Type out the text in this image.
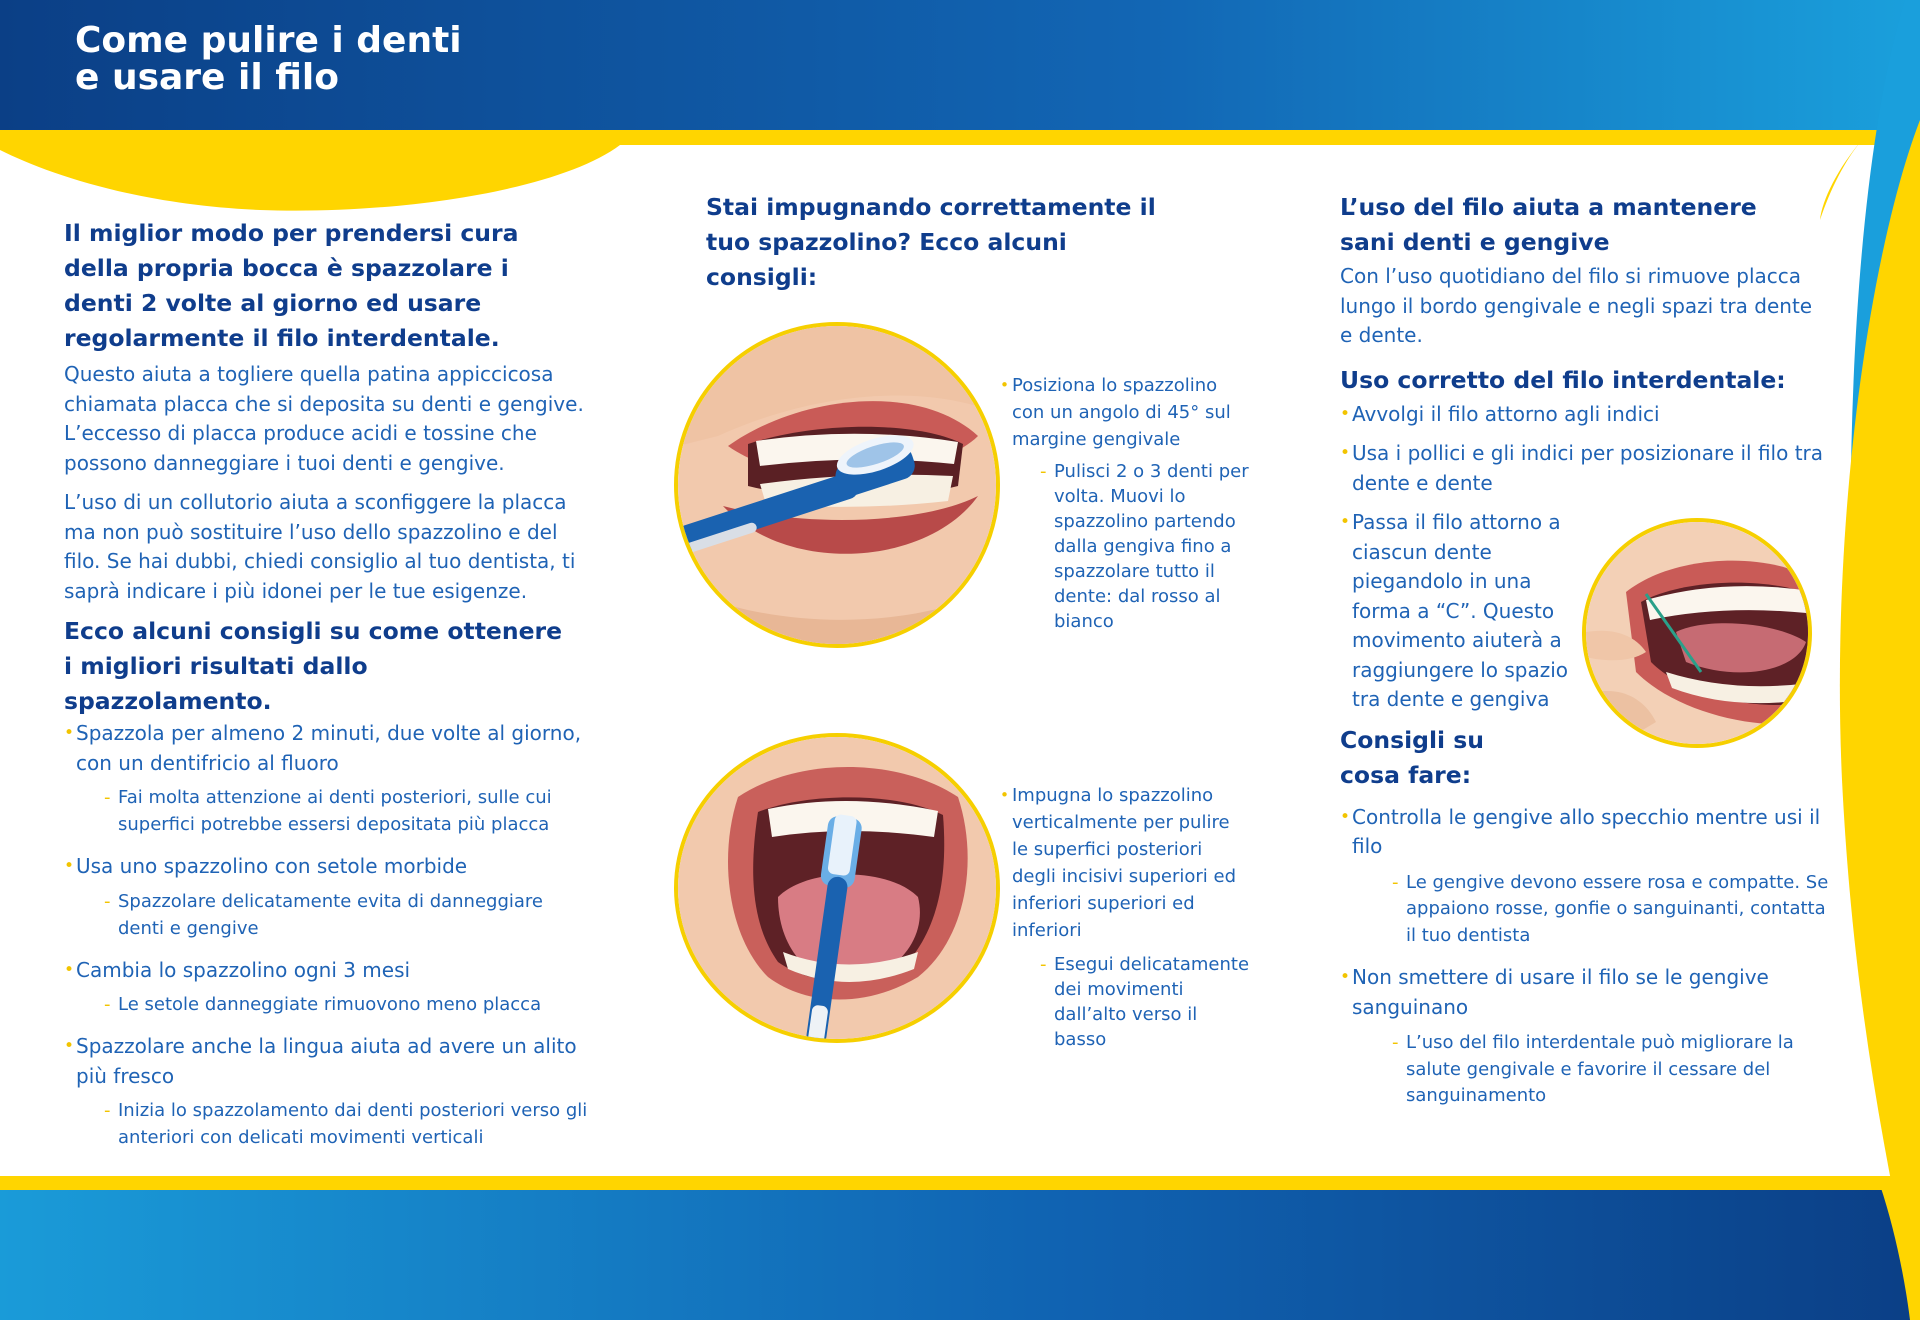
Come pulire i denti
e usare il filo

Il miglior modo per prendersi cura della propria bocca è spazzolare i denti 2 volte al giorno ed usare regolarmente il filo interdentale.

Questo aiuta a togliere quella patina appiccicosa chiamata placca che si deposita su denti e gengive. L’eccesso di placca produce acidi e tossine che possono danneggiare i tuoi denti e gengive.

L’uso di un collutorio aiuta a sconfiggere la placca ma non può sostituire l’uso dello spazzolino e del filo. Se hai dubbi, chiedi consiglio al tuo dentista, ti saprà indicare i più idonei per le tue esigenze.

Ecco alcuni consigli su come ottenere i migliori risultati dallo spazzolamento.

• Spazzola per almeno 2 minuti, due volte al giorno, con un dentifricio al fluoro
- Fai molta attenzione ai denti posteriori, sulle cui superfici potrebbe essersi depositata più placca
• Usa uno spazzolino con setole morbide
- Spazzolare delicatamente evita di danneggiare denti e gengive
• Cambia lo spazzolino ogni 3 mesi
- Le setole danneggiate rimuovono meno placca
• Spazzolare anche la lingua aiuta ad avere un alito più fresco
- Inizia lo spazzolamento dai denti posteriori verso gli anteriori con delicati movimenti verticali

Stai impugnando correttamente il tuo spazzolino? Ecco alcuni consigli:

• Posiziona lo spazzolino con un angolo di 45° sul margine gengivale
- Pulisci 2 o 3 denti per volta. Muovi lo spazzolino partendo dalla gengiva fino a spazzolare tutto il dente: dal rosso al bianco
• Impugna lo spazzolino verticalmente per pulire le superfici posteriori degli incisivi superiori ed inferiori superiori ed inferiori
- Esegui delicatamente dei movimenti dall’alto verso il basso

L’uso del filo aiuta a mantenere sani denti e gengive

Con l’uso quotidiano del filo si rimuove placca lungo il bordo gengivale e negli spazi tra dente e dente.

Uso corretto del filo interdentale:

• Avvolgi il filo attorno agli indici
• Usa i pollici e gli indici per posizionare il filo tra dente e dente
• Passa il filo attorno a ciascun dente piegandolo in una forma a “C”. Questo movimento aiuterà a raggiungere lo spazio tra dente e gengiva

Consigli su cosa fare:

• Controlla le gengive allo specchio mentre usi il filo
- Le gengive devono essere rosa e compatte. Se appaiono rosse, gonfie o sanguinanti, contatta il tuo dentista
• Non smettere di usare il filo se le gengive sanguinano
- L’uso del filo interdentale può migliorare la salute gengivale e favorire il cessare del sanguinamento
